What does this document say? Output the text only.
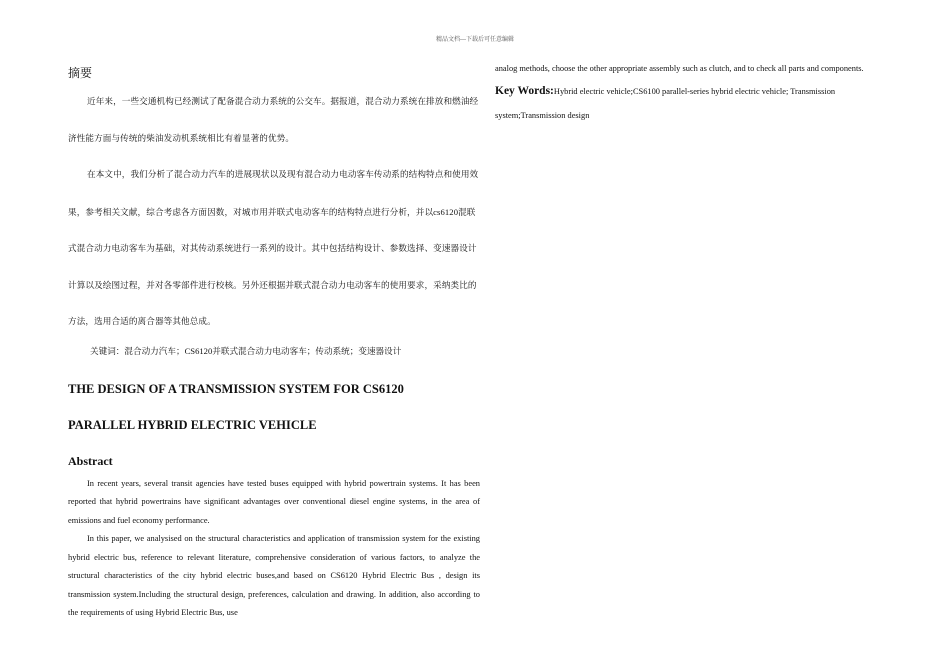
精品文档---下载后可任意编辑
摘要

近年来，一些交通机构已经测试了配备混合动力系统的公交车。据报道，混合动力系统在排放和燃油经济性能方面与传统的柴油发动机系统相比有着显著的优势。

在本文中，我们分析了混合动力汽车的进展现状以及现有混合动力电动客车传动系的结构特点和使用效果，参考相关文献，综合考虑各方面因数，对城市用并联式电动客车的结构特点进行分析，并以cs6120混联式混合动力电动客车为基础，对其传动系统进行一系列的设计。其中包括结构设计、参数选择、变速器设计计算以及绘图过程，并对各零部件进行校核。另外还根据并联式混合动力电动客车的使用要求，采纳类比的方法，选用合适的离合器等其他总成。

关键词：混合动力汽车；CS6120并联式混合动力电动客车；传动系统；变速器设计

THE DESIGN OF A TRANSMISSION SYSTEM FOR CS6120
PARALLEL HYBRID ELECTRIC VEHICLE
Abstract

In recent years, several transit agencies have tested buses equipped with hybrid powertrain systems. It has been reported that hybrid powertrains have significant advantages over conventional diesel engine systems, in the area of emissions and fuel economy performance.

In this paper, we analysised on the structural characteristics and application of transmission system for the existing hybrid electric bus, reference to relevant literature, comprehensive consideration of various factors, to analyze the structural characteristics of the city hybrid electric buses,and based on CS6120 Hybrid Electric Bus , design its transmission system.Including the structural design, preferences, calculation and drawing. In addition, also according to the requirements of using Hybrid Electric Bus, use

analog methods, choose the other appropriate assembly such as clutch, and to check all parts and components.

Key Words:Hybrid electric vehicle;CS6100 parallel-series hybrid electric vehicle; Transmission system;Transmission design
